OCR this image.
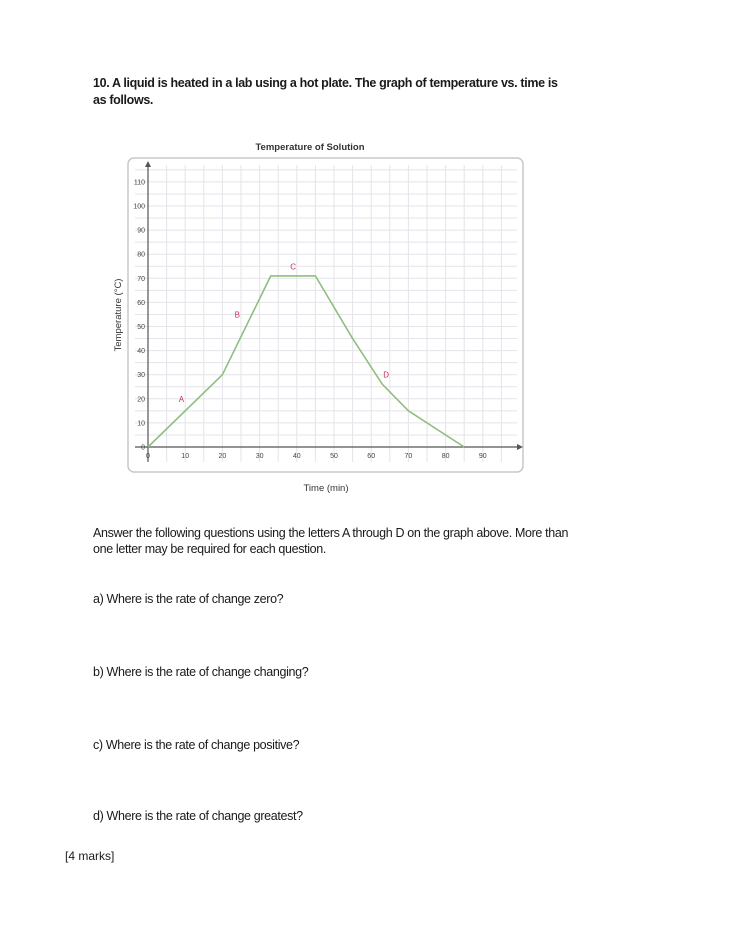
10. A liquid is heated in a lab using a hot plate. The graph of temperature vs. time is
as follows.
0	10	20	30	40	50	60	70	80	90
0
10
20
30
40
50
60
70
80
90
100
110
A
B
C
D
Temperature of Solution
Time (min)
Temperature (°C)
Answer the following questions using the letters A through D on the graph above. More than
one letter may be required for each question.
a) Where is the rate of change zero?
b) Where is the rate of change changing?
c) Where is the rate of change positive?
d) Where is the rate of change greatest?
[4 marks]
